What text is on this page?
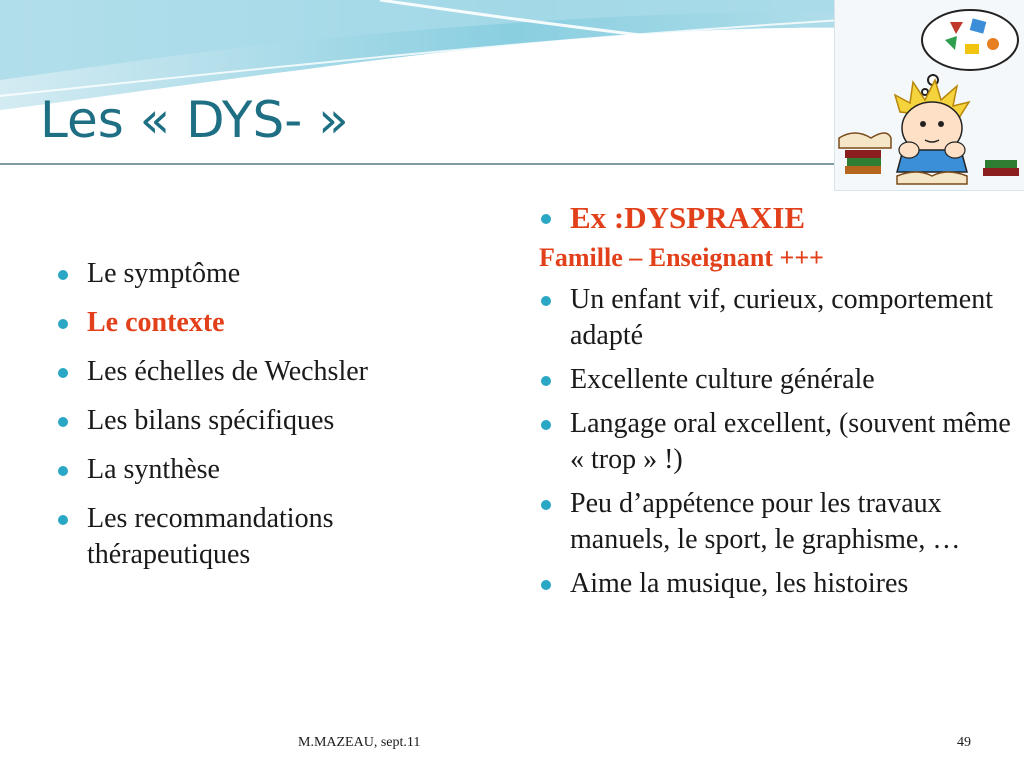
Les « DYS- »
Le symptôme
Le contexte
Les échelles de Wechsler
Les bilans spécifiques
La synthèse
Les recommandations thérapeutiques
Ex :DYSPRAXIE
Famille – Enseignant +++
Un enfant vif, curieux, comportement adapté
Excellente culture générale
Langage oral excellent, (souvent même « trop » !)
Peu d’appétence pour les travaux manuels, le sport, le graphisme, …
Aime la musique, les histoires
M.MAZEAU, sept.11	49
